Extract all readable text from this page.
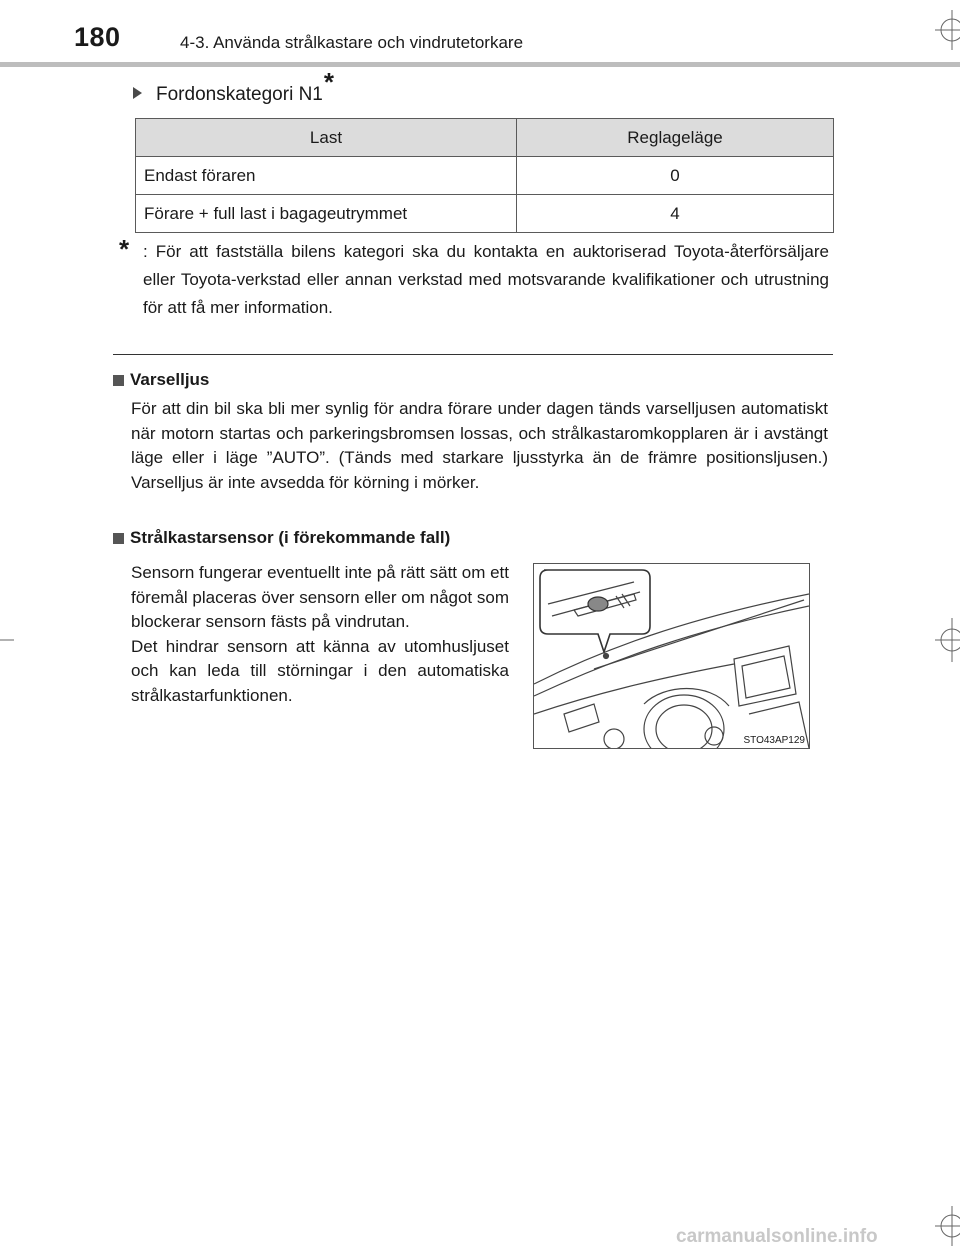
180	4-3. Använda strålkastare och vindrutetorkare
Fordonskategori N1 *
Last	Reglageläge
Endast föraren	0
Förare + full last i bagageutrymmet	4
* : För att fastställa bilens kategori ska du kontakta en auktoriserad Toyota-återförsäljare eller Toyota-verkstad eller annan verkstad med motsvarande kvalifikationer och utrustning för att få mer information.
Varselljus
För att din bil ska bli mer synlig för andra förare under dagen tänds varselljusen automatiskt när motorn startas och parkeringsbromsen lossas, och strålkastaromkopplaren är i avstängt läge eller i läge ”AUTO”. (Tänds med starkare ljusstyrka än de främre positionsljusen.) Varselljus är inte avsedda för körning i mörker.
Strålkastarsensor (i förekommande fall)

Sensorn fungerar eventuellt inte på rätt sätt om ett föremål placeras över sensorn eller om något som blockerar sensorn fästs på vindrutan.

Det hindrar sensorn att känna av utomhusljuset och kan leda till störningar i den automatiska strålkastarfunktionen.

STO43AP129
carmanualsonline.info
